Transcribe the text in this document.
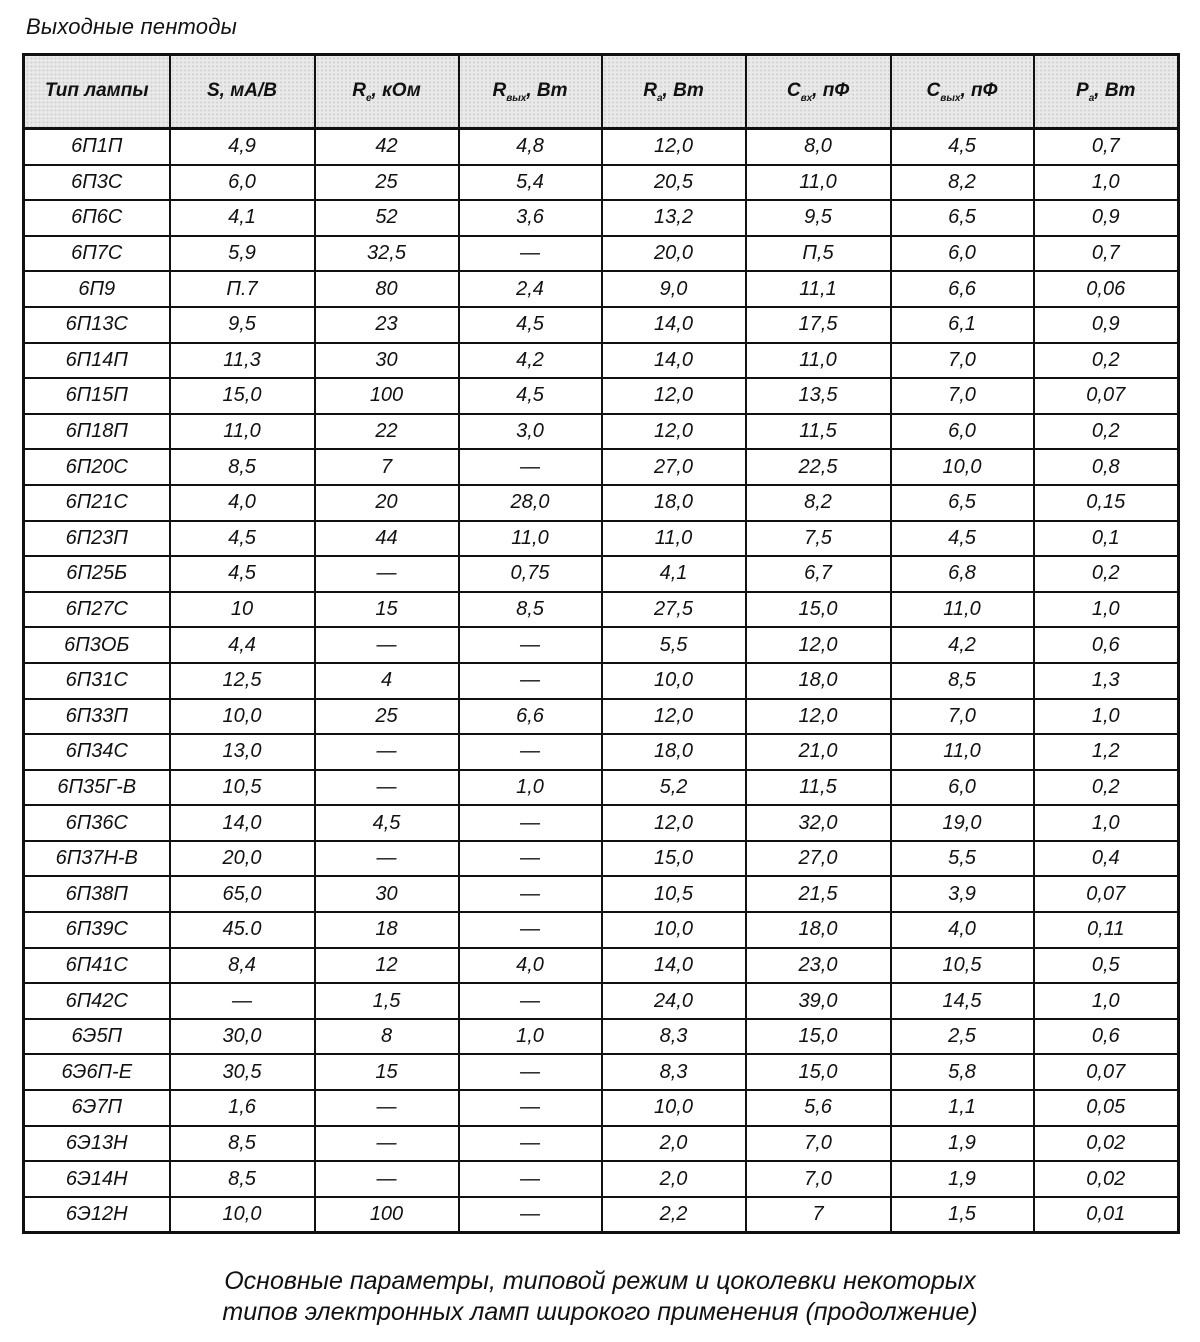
Выходные пентоды
Тип лампы	S, мА/В	$R_e$, кОм	$R_{вых}$, Вт	$R_a$, Вт	$C_{вх}$, пФ	$C_{вых}$, пФ	$P_a$, Вт
6П1П	4,9	42	4,8	12,0	8,0	4,5	0,7
6П3С	6,0	25	5,4	20,5	11,0	8,2	1,0
6П6С	4,1	52	3,6	13,2	9,5	6,5	0,9
6П7С	5,9	32,5	—	20,0	П,5	6,0	0,7
6П9	П.7	80	2,4	9,0	11,1	6,6	0,06
6П13С	9,5	23	4,5	14,0	17,5	6,1	0,9
6П14П	11,3	30	4,2	14,0	11,0	7,0	0,2
6П15П	15,0	100	4,5	12,0	13,5	7,0	0,07
6П18П	11,0	22	3,0	12,0	11,5	6,0	0,2
6П20С	8,5	7	—	27,0	22,5	10,0	0,8
6П21С	4,0	20	28,0	18,0	8,2	6,5	0,15
6П23П	4,5	44	11,0	11,0	7,5	4,5	0,1
6П25Б	4,5	—	0,75	4,1	6,7	6,8	0,2
6П27С	10	15	8,5	27,5	15,0	11,0	1,0
6П3ОБ	4,4	—	—	5,5	12,0	4,2	0,6
6П31С	12,5	4	—	10,0	18,0	8,5	1,3
6П33П	10,0	25	6,6	12,0	12,0	7,0	1,0
6П34С	13,0	—	—	18,0	21,0	11,0	1,2
6П35Г-В	10,5	—	1,0	5,2	11,5	6,0	0,2
6П36С	14,0	4,5	—	12,0	32,0	19,0	1,0
6П37Н-В	20,0	—	—	15,0	27,0	5,5	0,4
6П38П	65,0	30	—	10,5	21,5	3,9	0,07
6П39С	45.0	18	—	10,0	18,0	4,0	0,11
6П41С	8,4	12	4,0	14,0	23,0	10,5	0,5
6П42С	—	1,5	—	24,0	39,0	14,5	1,0
6Э5П	30,0	8	1,0	8,3	15,0	2,5	0,6
6Э6П-Е	30,5	15	—	8,3	15,0	5,8	0,07
6Э7П	1,6	—	—	10,0	5,6	1,1	0,05
6Э13Н	8,5	—	—	2,0	7,0	1,9	0,02
6Э14Н	8,5	—	—	2,0	7,0	1,9	0,02
6Э12Н	10,0	100	—	2,2	7	1,5	0,01
Основные параметры, типовой режим и цоколевки некоторых
типов электронных ламп широкого применения (продолжение)
